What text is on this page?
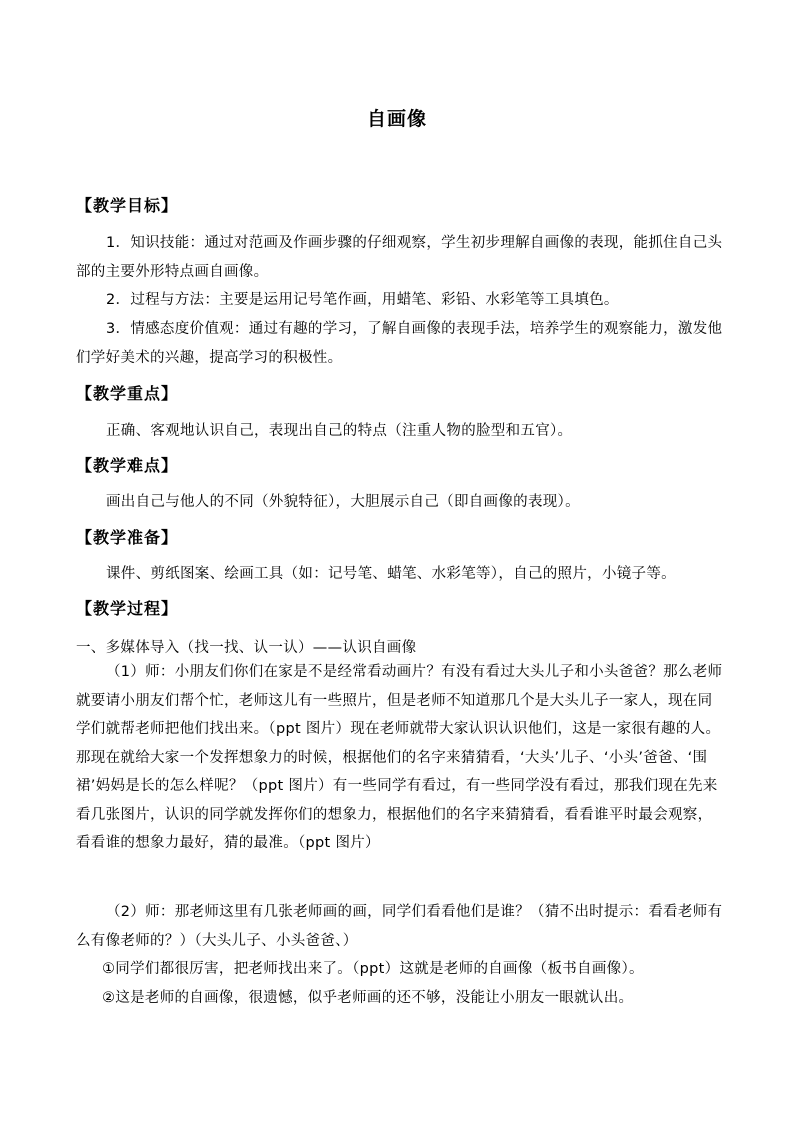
自画像
【教学目标】
1．知识技能：通过对范画及作画步骤的仔细观察，学生初步理解自画像的表现，能抓住自己头部的主要外形特点画自画像。
2．过程与方法：主要是运用记号笔作画，用蜡笔、彩铅、水彩笔等工具填色。
3．情感态度价值观：通过有趣的学习，了解自画像的表现手法，培养学生的观察能力，激发他们学好美术的兴趣，提高学习的积极性。
【教学重点】
正确、客观地认识自己，表现出自己的特点（注重人物的脸型和五官）。
【教学难点】
画出自己与他人的不同（外貌特征），大胆展示自己（即自画像的表现）。
【教学准备】
课件、剪纸图案、绘画工具（如：记号笔、蜡笔、水彩笔等），自己的照片，小镜子等。
【教学过程】
一、多媒体导入（找一找、认一认）——认识自画像
（1）师：小朋友们你们在家是不是经常看动画片？有没有看过大头儿子和小头爸爸？那么老师就要请小朋友们帮个忙，老师这儿有一些照片，但是老师不知道那几个是大头儿子一家人，现在同学们就帮老师把他们找出来。（ppt 图片）现在老师就带大家认识认识他们，这是一家很有趣的人。那现在就给大家一个发挥想象力的时候，根据他们的名字来猜猜看，‘大头’儿子、‘小头’爸爸、‘围裙’妈妈是长的怎么样呢？（ppt 图片）有一些同学有看过，有一些同学没有看过，那我们现在先来看几张图片，认识的同学就发挥你们的想象力，根据他们的名字来猜猜看，看看谁平时最会观察，看看谁的想象力最好，猜的最准。（ppt 图片）
（2）师：那老师这里有几张老师画的画，同学们看看他们是谁？（猜不出时提示：看看老师有么有像老师的？）（大头儿子、小头爸爸、）
①同学们都很厉害，把老师找出来了。（ppt）这就是老师的自画像（板书自画像）。
②这是老师的自画像，很遗憾，似乎老师画的还不够，没能让小朋友一眼就认出。
